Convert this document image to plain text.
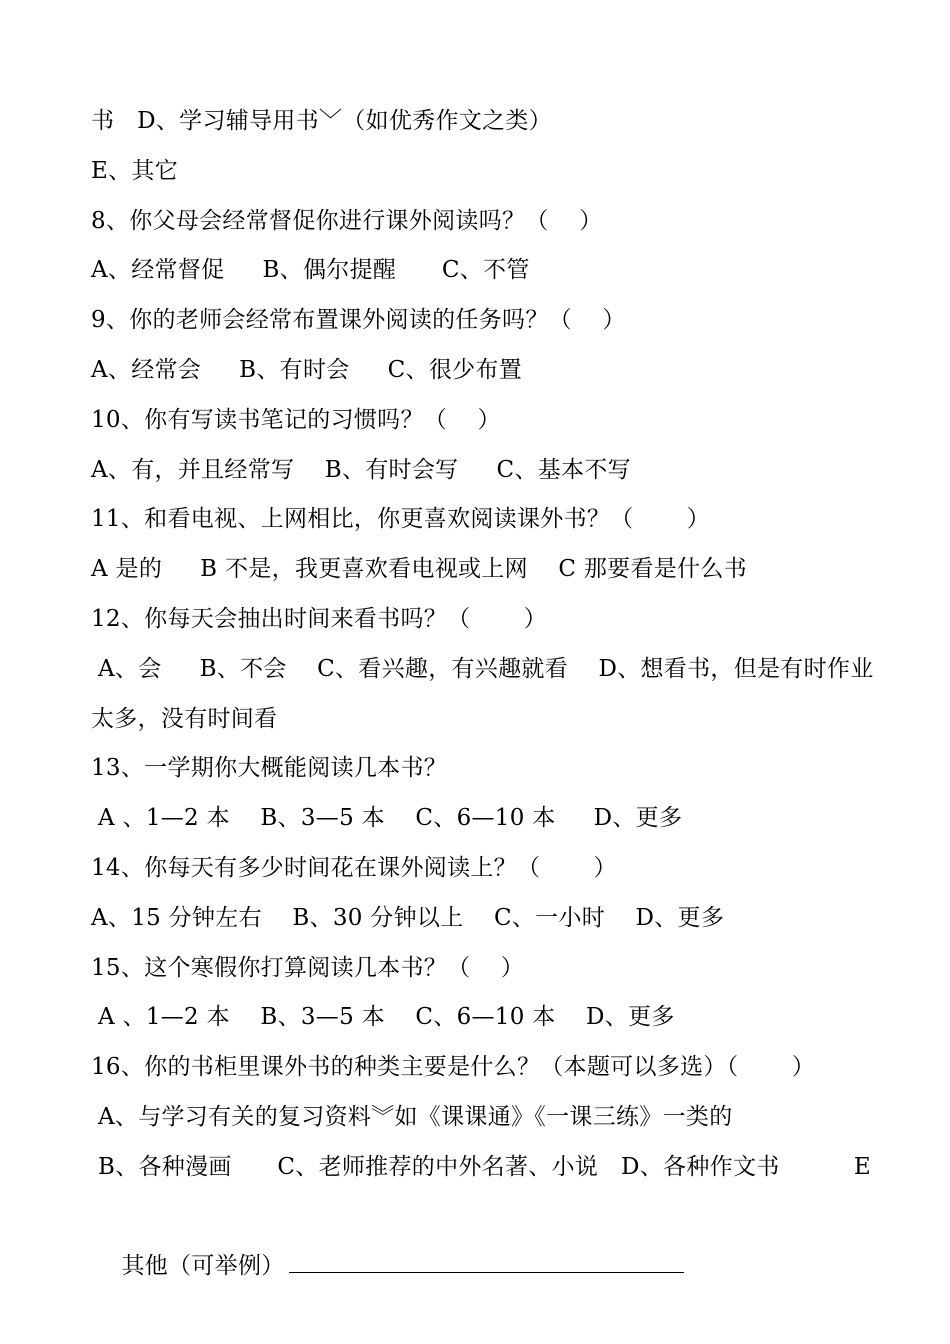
书   D、学习辅导用书﹀（如优秀作文之类）
E、其它
8、你父母会经常督促你进行课外阅读吗？（    ）
A、经常督促     B、偶尔提醒      C、不管
9、你的老师会经常布置课外阅读的任务吗？（    ）
A、经常会     B、有时会     C、很少布置
10、你有写读书笔记的习惯吗？（    ）
A、有，并且经常写    B、有时会写     C、基本不写
11、和看电视、上网相比，你更喜欢阅读课外书？（       ）
A 是的     B 不是，我更喜欢看电视或上网    C 那要看是什么书
12、你每天会抽出时间来看书吗？（       ）
A、会     B、不会    C、看兴趣，有兴趣就看    D、想看书，但是有时作业
太多，没有时间看
13、一学期你大概能阅读几本书？
A 、1—2 本    B、3—5 本    C、6—10 本     D、更多
14、你每天有多少时间花在课外阅读上？（       ）
A、15 分钟左右    B、30 分钟以上    C、一小时    D、更多
15、这个寒假你打算阅读几本书？（    ）
A 、1—2 本    B、3—5 本    C、6—10 本    D、更多
16、你的书柜里课外书的种类主要是什么？（本题可以多选）（       ）
A、与学习有关的复习资料︾如《课课通》《一课三练》一类的
B、各种漫画      C、老师推荐的中外名著、小说   D、各种作文书	E

其他（可举例）
